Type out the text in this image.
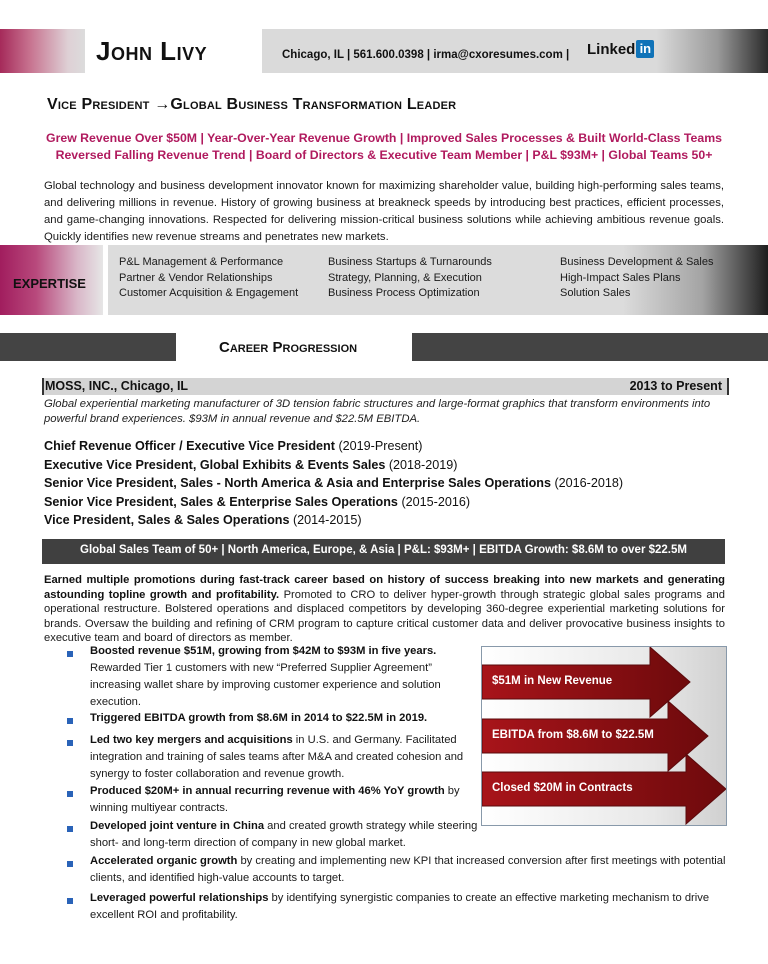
John Livy	Chicago, IL | 561.600.0398 | irma@cxoresumes.com | Linked in
Vice President →Global Business Transformation Leader
Grew Revenue Over $50M | Year-Over-Year Revenue Growth | Improved Sales Processes & Built World-Class Teams
Reversed Falling Revenue Trend | Board of Directors & Executive Team Member | P&L $93M+ | Global Teams 50+
Global technology and business development innovator known for maximizing shareholder value, building high-performing sales teams, and delivering millions in revenue. History of growing business at breakneck speeds by introducing best practices, efficient processes, and game-changing innovations. Respected for delivering mission-critical business solutions while achieving ambitious revenue goals. Quickly identifies new revenue streams and penetrates new markets.
EXPERTISE
P&L Management & Performance
Partner & Vendor Relationships
Customer Acquisition & Engagement
Business Startups & Turnarounds
Strategy, Planning, & Execution
Business Process Optimization
Business Development & Sales
High-Impact Sales Plans
Solution Sales
Career Progression
MOSS, INC., Chicago, IL	2013 to Present
Global experiential marketing manufacturer of 3D tension fabric structures and large-format graphics that transform environments into powerful brand experiences. $93M in annual revenue and $22.5M EBITDA.
Chief Revenue Officer / Executive Vice President (2019-Present)
Executive Vice President, Global Exhibits & Events Sales (2018-2019)
Senior Vice President, Sales - North America & Asia and Enterprise Sales Operations (2016-2018)
Senior Vice President, Sales & Enterprise Sales Operations (2015-2016)
Vice President, Sales & Sales Operations (2014-2015)
Global Sales Team of 50+ | North America, Europe, & Asia | P&L: $93M+ | EBITDA Growth: $8.6M to over $22.5M
Earned multiple promotions during fast-track career based on history of success breaking into new markets and generating astounding topline growth and profitability. Promoted to CRO to deliver hyper-growth through strategic global sales programs and operational restructure. Bolstered operations and displaced competitors by developing 360-degree experiential marketing solutions for brands. Oversaw the building and refining of CRM program to capture critical customer data and deliver provocative business insights to executive team and board of directors as member.
Boosted revenue $51M, growing from $42M to $93M in five years. Rewarded Tier 1 customers with new “Preferred Supplier Agreement” increasing wallet share by improving customer experience and solution execution.
Triggered EBITDA growth from $8.6M in 2014 to $22.5M in 2019.
Led two key mergers and acquisitions in U.S. and Germany. Facilitated integration and training of sales teams after M&A and created cohesion and synergy to foster collaboration and revenue growth.
Produced $20M+ in annual recurring revenue with 46% YoY growth by winning multiyear contracts.
Developed joint venture in China and created growth strategy while steering short- and long-term direction of company in new global market.
Accelerated organic growth by creating and implementing new KPI that increased conversion after first meetings with potential clients, and identified high-value accounts to target.
Leveraged powerful relationships by identifying synergistic companies to create an effective marketing mechanism to drive excellent ROI and profitability.
$51M in New Revenue
EBITDA from $8.6M to $22.5M
Closed $20M in Contracts
